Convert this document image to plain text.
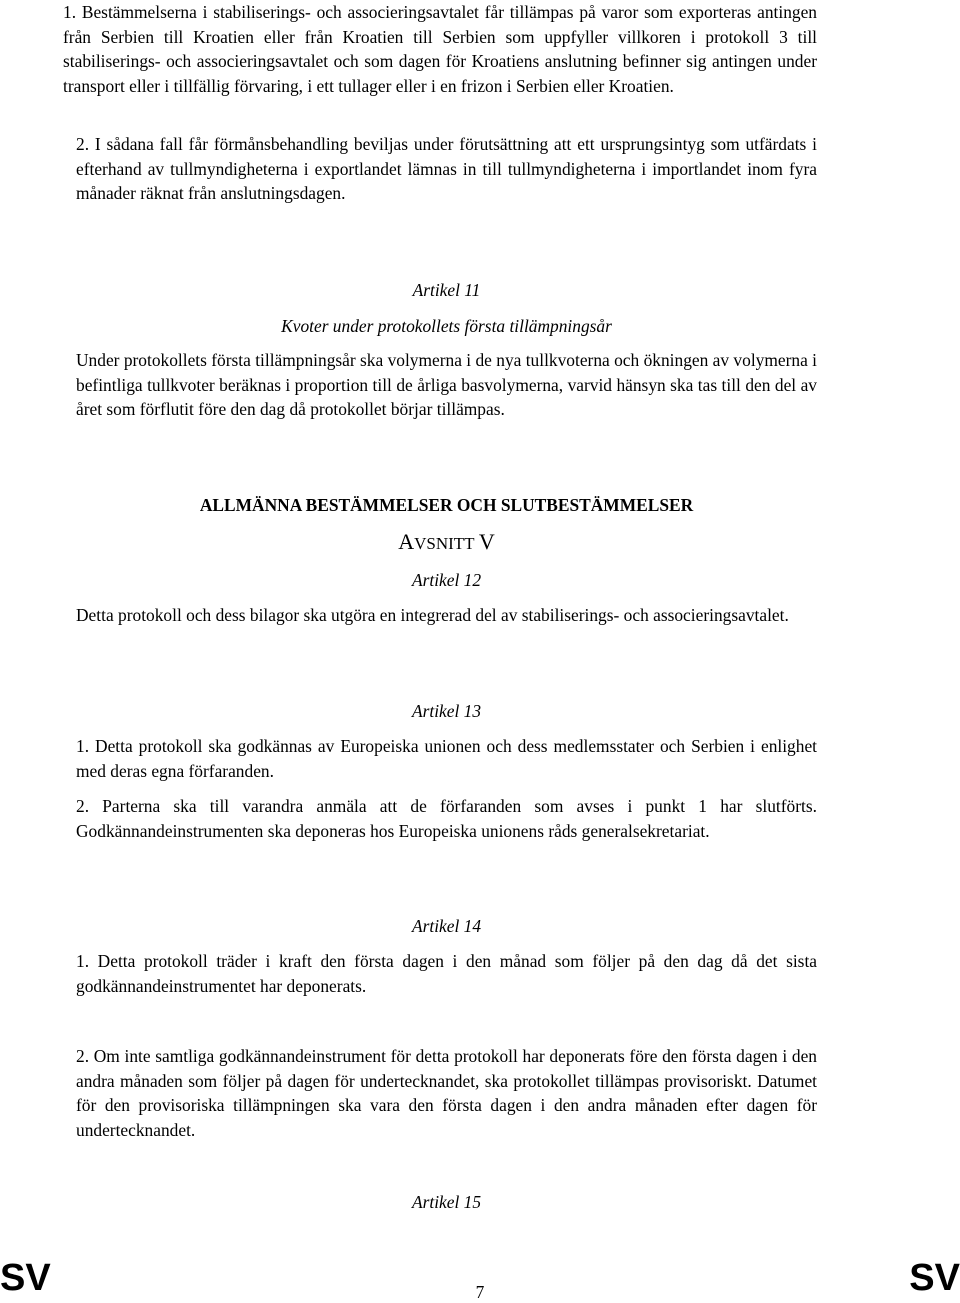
1. Bestämmelserna i stabiliserings- och associeringsavtalet får tillämpas på varor som exporteras antingen från Serbien till Kroatien eller från Kroatien till Serbien som uppfyller villkoren i protokoll 3 till stabiliserings- och associeringsavtalet och som dagen för Kroatiens anslutning befinner sig antingen under transport eller i tillfällig förvaring, i ett tullager eller i en frizon i Serbien eller Kroatien.

2. I sådana fall får förmånsbehandling beviljas under förutsättning att ett ursprungsintyg som utfärdats i efterhand av tullmyndigheterna i exportlandet lämnas in till tullmyndigheterna i importlandet inom fyra månader räknat från anslutningsdagen.

Artikel 11

Kvoter under protokollets första tillämpningsår

Under protokollets första tillämpningsår ska volymerna i de nya tullkvoterna och ökningen av volymerna i befintliga tullkvoter beräknas i proportion till de årliga basvolymerna, varvid hänsyn ska tas till den del av året som förflutit före den dag då protokollet börjar tillämpas.

ALLMÄNNA BESTÄMMELSER OCH SLUTBESTÄMMELSER

AVSNITT V

Artikel 12

Detta protokoll och dess bilagor ska utgöra en integrerad del av stabiliserings- och associeringsavtalet.

Artikel 13

1. Detta protokoll ska godkännas av Europeiska unionen och dess medlemsstater och Serbien i enlighet med deras egna förfaranden.

2. Parterna ska till varandra anmäla att de förfaranden som avses i punkt 1 har slutförts. Godkännandeinstrumenten ska deponeras hos Europeiska unionens råds generalsekretariat.

Artikel 14

1. Detta protokoll träder i kraft den första dagen i den månad som följer på den dag då det sista godkännandeinstrumentet har deponerats.

2. Om inte samtliga godkännandeinstrument för detta protokoll har deponerats före den första dagen i den andra månaden som följer på dagen för undertecknandet, ska protokollet tillämpas provisoriskt. Datumet för den provisoriska tillämpningen ska vara den första dagen i den andra månaden efter dagen för undertecknandet.

Artikel 15

SV	7	SV
